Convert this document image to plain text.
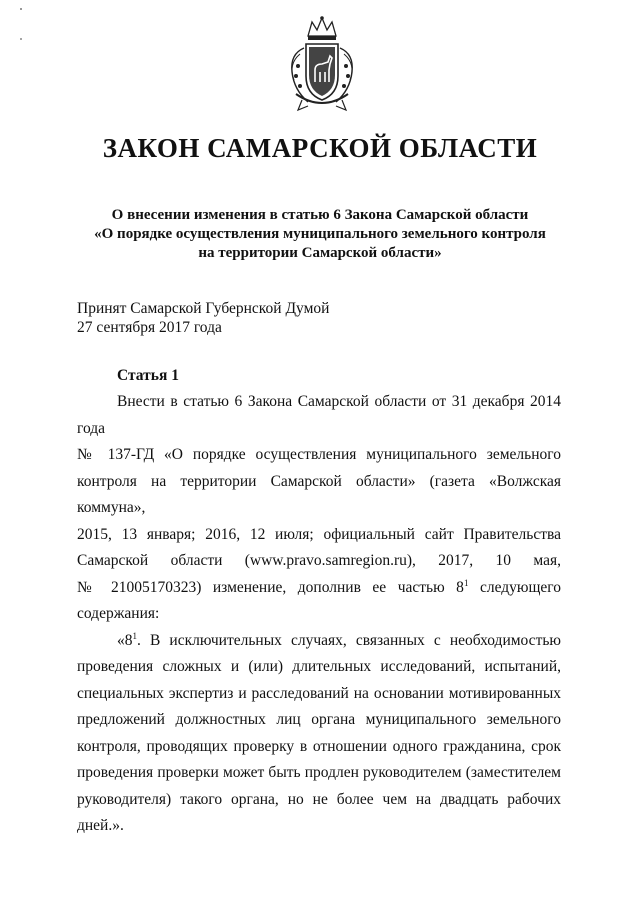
ЗАКОН САМАРСКОЙ ОБЛАСТИ
О внесении изменения в статью 6 Закона Самарской области
«О порядке осуществления муниципального земельного контроля
на территории Самарской области»
Принят Самарской Губернской Думой
27 сентября 2017 года
Статья 1
Внести в статью 6 Закона Самарской области от 31 декабря 2014 года
№ 137-ГД «О порядке осуществления муниципального земельного
контроля на территории Самарской области» (газета «Волжская коммуна»,
2015, 13 января; 2016, 12 июля; официальный сайт Правительства
Самарской области (www.pravo.samregion.ru), 2017, 10 мая,
№ 21005170323) изменение, дополнив ее частью $8^1$ следующего
содержания:
«$8^1$. В исключительных случаях, связанных с необходимостью
проведения сложных и (или) длительных исследований, испытаний,
специальных экспертиз и расследований на основании мотивированных
предложений должностных лиц органа муниципального земельного
контроля, проводящих проверку в отношении одного гражданина, срок
проведения проверки может быть продлен руководителем (заместителем
руководителя) такого органа, но не более чем на двадцать рабочих дней.».
